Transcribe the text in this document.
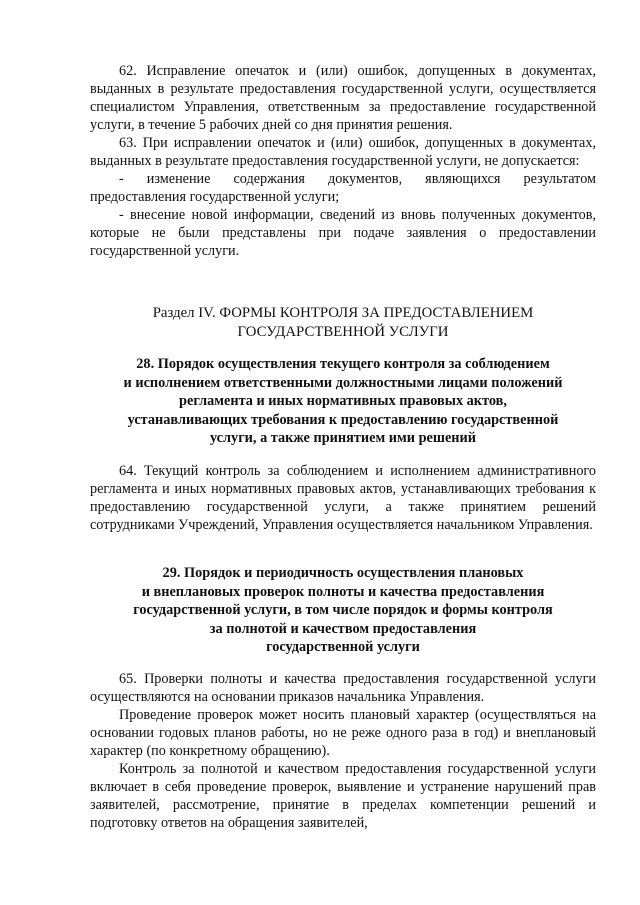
62. Исправление опечаток и (или) ошибок, допущенных в документах, выданных в результате предоставления государственной услуги, осуществляется специалистом Управления, ответственным за предоставление государственной услуги, в течение 5 рабочих дней со дня принятия решения.

63. При исправлении опечаток и (или) ошибок, допущенных в документах, выданных в результате предоставления государственной услуги, не допускается:

- изменение содержания документов, являющихся результатом предоставления государственной услуги;

- внесение новой информации, сведений из вновь полученных документов, которые не были представлены при подаче заявления о предоставлении государственной услуги.

Раздел IV. ФОРМЫ КОНТРОЛЯ ЗА ПРЕДОСТАВЛЕНИЕМ
ГОСУДАРСТВЕННОЙ УСЛУГИ

28. Порядок осуществления текущего контроля за соблюдением
и исполнением ответственными должностными лицами положений
регламента и иных нормативных правовых актов,
устанавливающих требования к предоставлению государственной
услуги, а также принятием ими решений

64. Текущий контроль за соблюдением и исполнением административного регламента и иных нормативных правовых актов, устанавливающих требования к предоставлению государственной услуги, а также принятием решений сотрудниками Учреждений, Управления осуществляется начальником Управления.

29. Порядок и периодичность осуществления плановых
и внеплановых проверок полноты и качества предоставления
государственной услуги, в том числе порядок и формы контроля
за полнотой и качеством предоставления
государственной услуги

65. Проверки полноты и качества предоставления государственной услуги осуществляются на основании приказов начальника Управления.

Проведение проверок может носить плановый характер (осуществляться на основании годовых планов работы, но не реже одного раза в год) и внеплановый характер (по конкретному обращению).

Контроль за полнотой и качеством предоставления государственной услуги включает в себя проведение проверок, выявление и устранение нарушений прав заявителей, рассмотрение, принятие в пределах компетенции решений и подготовку ответов на обращения заявителей,
